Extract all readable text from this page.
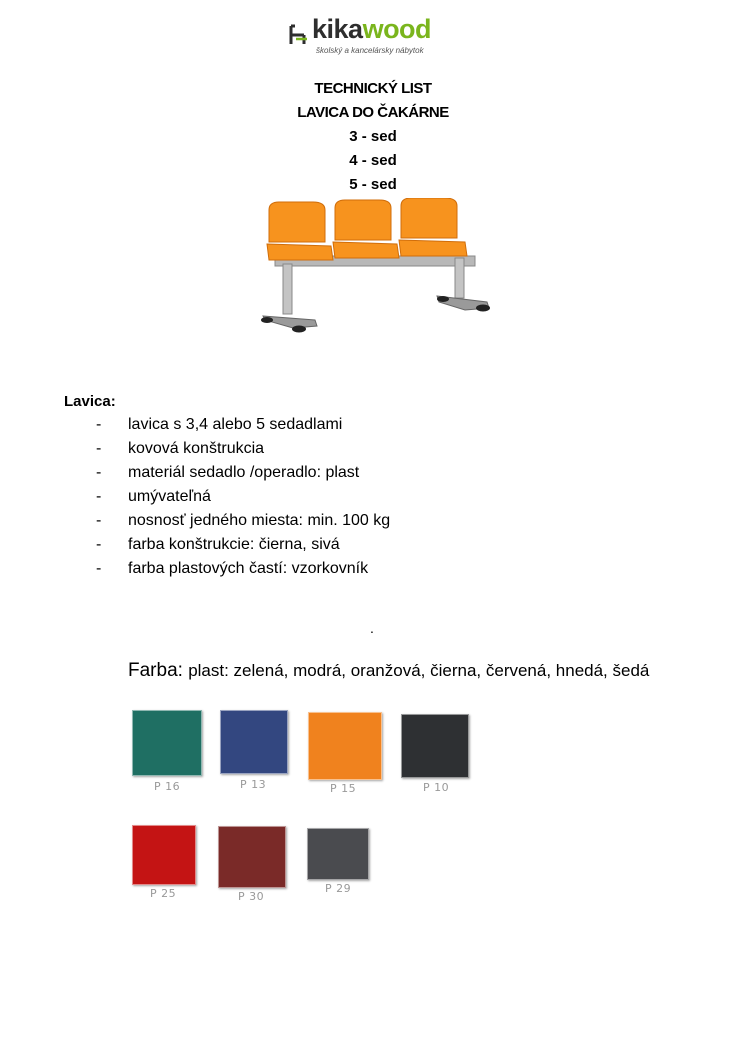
kikawood
školský a kancelársky nábytok
TECHNICKÝ LIST
LAVICA DO ČAKÁRNE
3 - sed
4 - sed
5 - sed
Lavica:
- lavica s 3,4 alebo 5 sedadlami
- kovová konštrukcia
- materiál sedadlo /operadlo: plast
- umývateľná
- nosnosť jedného miesta: min. 100 kg
- farba konštrukcie: čierna, sivá
- farba plastových častí: vzorkovník
.
Farba: plast: zelená, modrá, oranžová, čierna, červená, hnedá, šedá
P 16	P 13	P 15	P 10
P 25	P 30
P 29
